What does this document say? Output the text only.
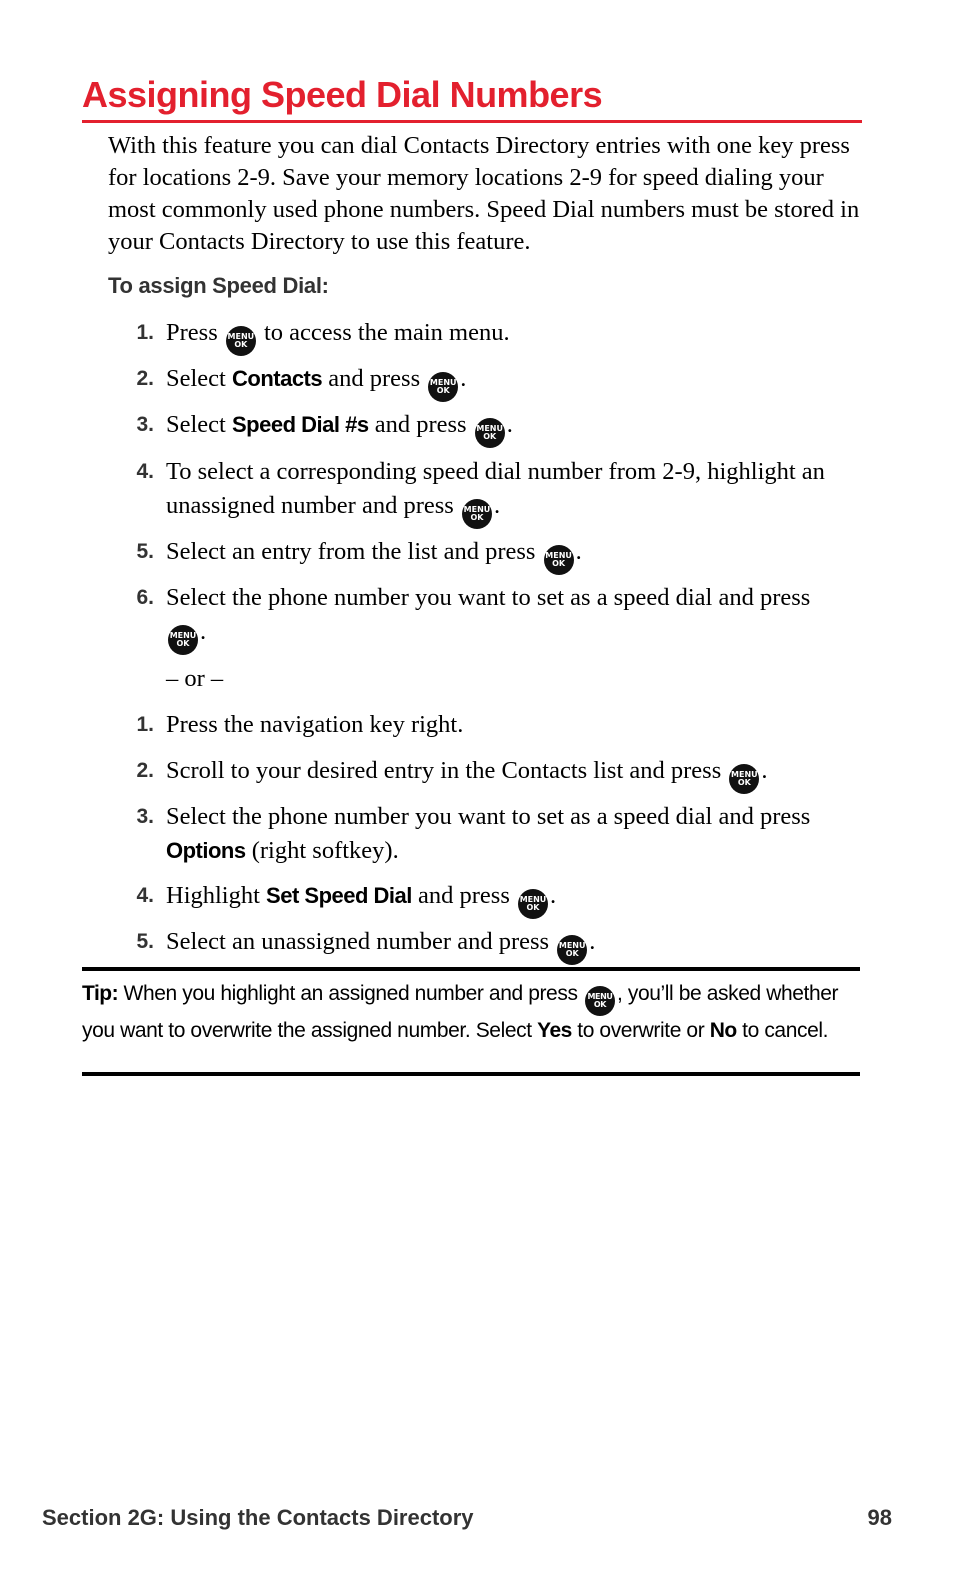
Assigning Speed Dial Numbers

With this feature you can dial Contacts Directory entries with one key press for locations 2-9. Save your memory locations 2-9 for speed dialing your most commonly used phone numbers. Speed Dial numbers must be stored in your Contacts Directory to use this feature.

To assign Speed Dial:

1. Press MENU
OK to access the main menu.
2. Select Contacts and press MENU
OK .
3. Select Speed Dial #s and press MENU
OK .
4. To select a corresponding speed dial number from 2-9, highlight an unassigned number and press MENU
OK .
5. Select an entry from the list and press MENU
OK .
6. Select the phone number you want to set as a speed dial and press
MENU
OK .
– or –
1. Press the navigation key right.
2. Scroll to your desired entry in the Contacts list and press MENU
OK .
3. Select the phone number you want to set as a speed dial and press Options (right softkey).
4. Highlight Set Speed Dial and press MENU
OK .
5. Select an unassigned number and press MENU
OK .
Tip: When you highlight an assigned number and press MENU
OK , you’ll be asked whether you want to overwrite the assigned number. Select Yes to overwrite or No to cancel.
Section 2G: Using the Contacts Directory	98
